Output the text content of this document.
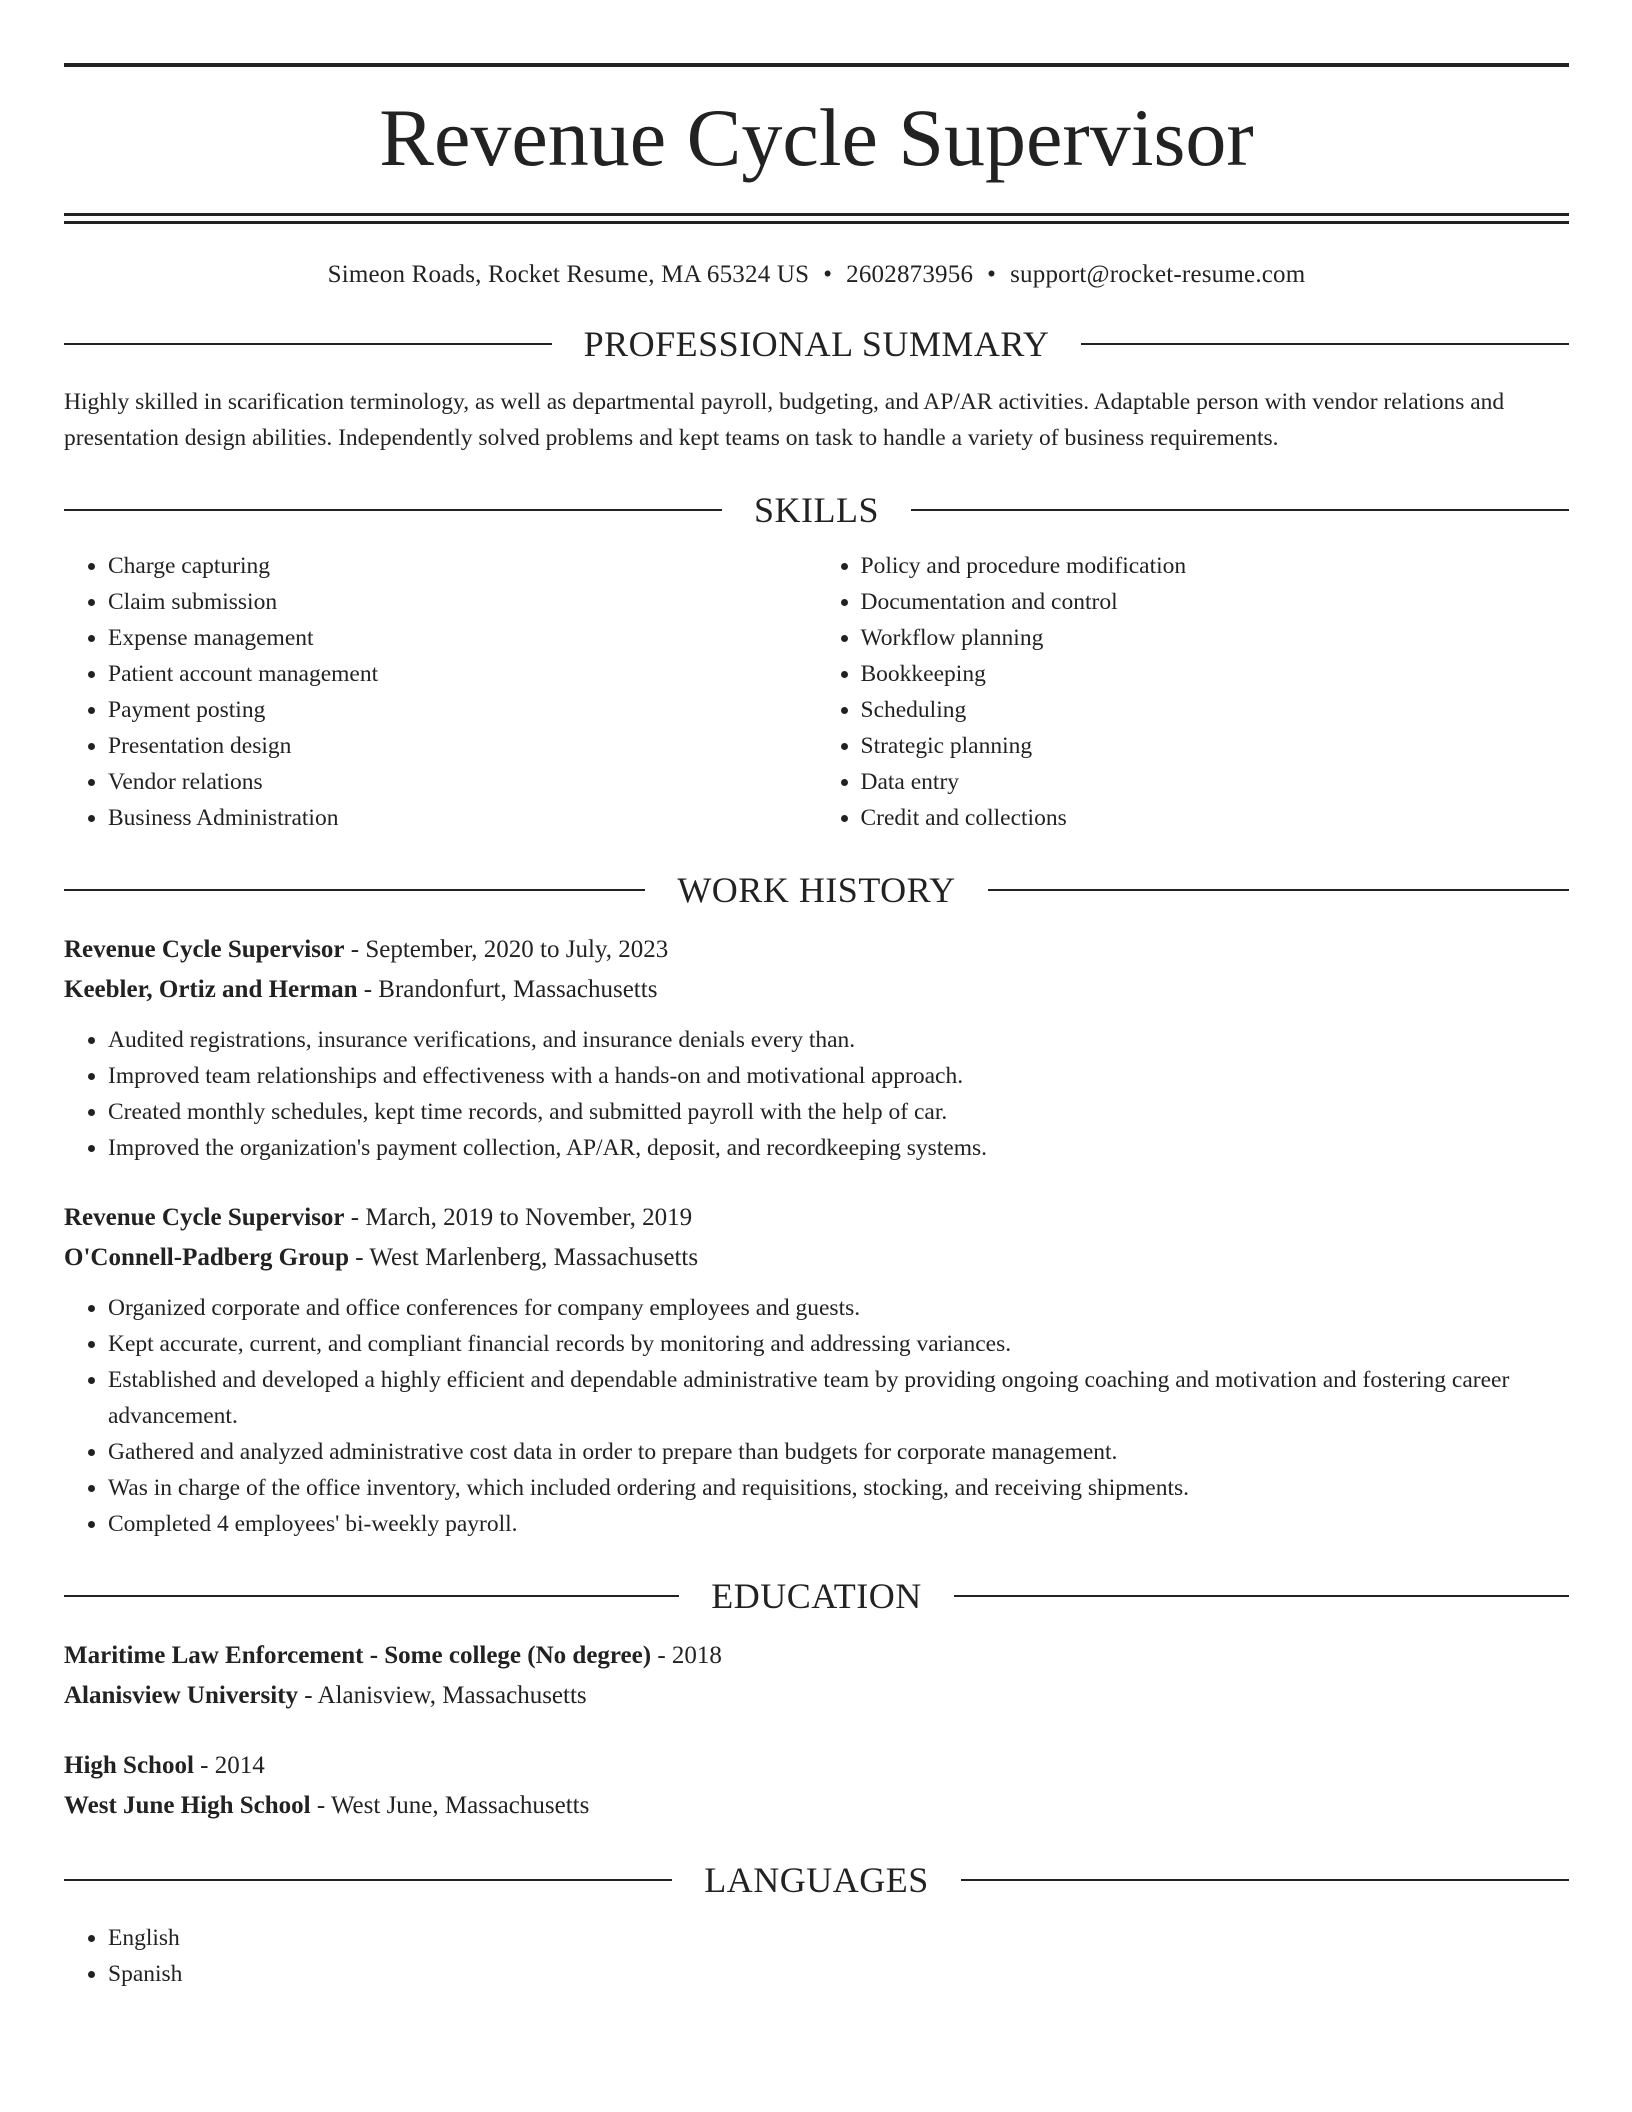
Revenue Cycle Supervisor
Simeon Roads, Rocket Resume, MA 65324 US • 2602873956 • support@rocket-resume.com
PROFESSIONAL SUMMARY
Highly skilled in scarification terminology, as well as departmental payroll, budgeting, and AP/AR activities. Adaptable person with vendor relations and presentation design abilities. Independently solved problems and kept teams on task to handle a variety of business requirements.
SKILLS
• Charge capturing
• Claim submission
• Expense management
• Patient account management
• Payment posting
• Presentation design
• Vendor relations
• Business Administration
• Policy and procedure modification
• Documentation and control
• Workflow planning
• Bookkeeping
• Scheduling
• Strategic planning
• Data entry
• Credit and collections
WORK HISTORY
Revenue Cycle Supervisor - September, 2020 to July, 2023
Keebler, Ortiz and Herman - Brandonfurt, Massachusetts
• Audited registrations, insurance verifications, and insurance denials every than.
• Improved team relationships and effectiveness with a hands-on and motivational approach.
• Created monthly schedules, kept time records, and submitted payroll with the help of car.
• Improved the organization's payment collection, AP/AR, deposit, and recordkeeping systems.
Revenue Cycle Supervisor - March, 2019 to November, 2019
O'Connell-Padberg Group - West Marlenberg, Massachusetts
• Organized corporate and office conferences for company employees and guests.
• Kept accurate, current, and compliant financial records by monitoring and addressing variances.
• Established and developed a highly efficient and dependable administrative team by providing ongoing coaching and motivation and fostering career advancement.
• Gathered and analyzed administrative cost data in order to prepare than budgets for corporate management.
• Was in charge of the office inventory, which included ordering and requisitions, stocking, and receiving shipments.
• Completed 4 employees' bi-weekly payroll.
EDUCATION
Maritime Law Enforcement - Some college (No degree) - 2018
Alanisview University - Alanisview, Massachusetts
High School - 2014
West June High School - West June, Massachusetts
LANGUAGES
• English
• Spanish
